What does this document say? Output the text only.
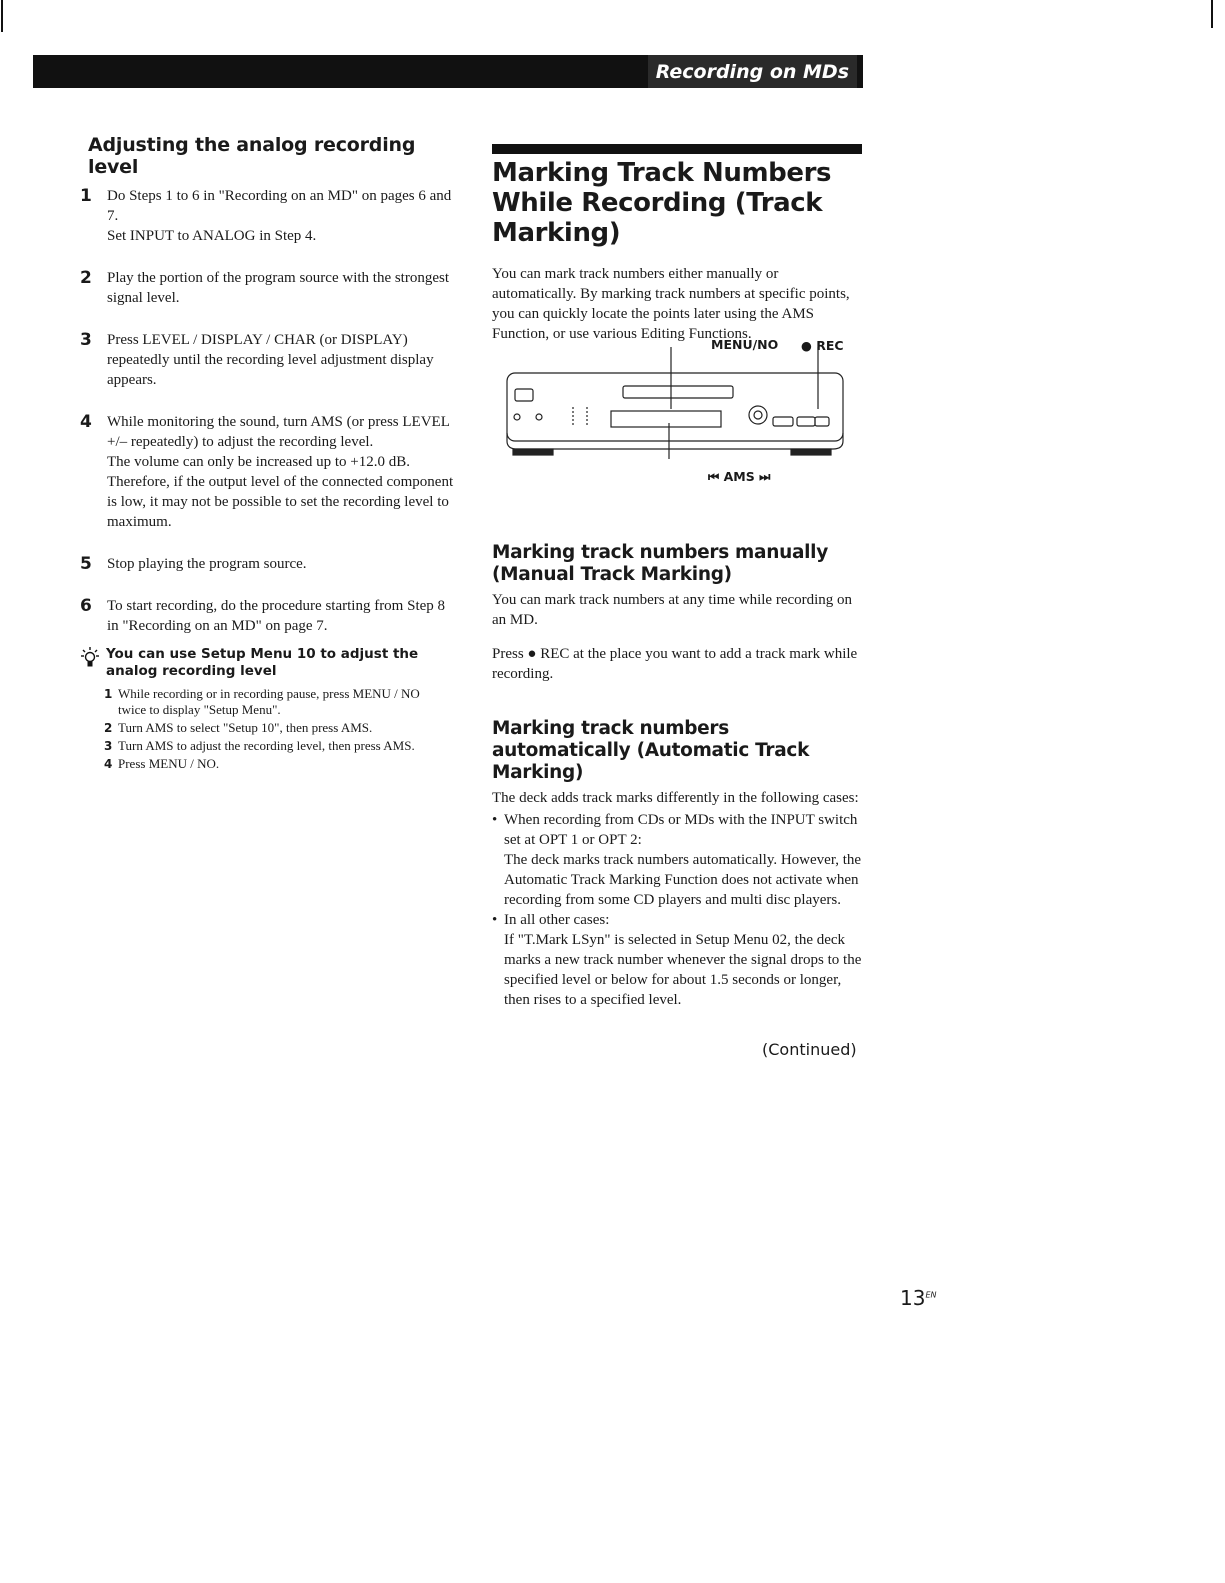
Recording on MDs
Adjusting the analog recording level
1	Do Steps 1 to 6 in "Recording on an MD" on pages 6 and 7.

Set INPUT to ANALOG in Step 4.

2	Play the portion of the program source with the strongest signal level.

3	Press LEVEL / DISPLAY / CHAR (or DISPLAY) repeatedly until the recording level adjustment display appears.

4	While monitoring the sound, turn AMS (or press LEVEL +/– repeatedly) to adjust the recording level.

The volume can only be increased up to +12.0 dB. Therefore, if the output level of the connected component is low, it may not be possible to set the recording level to maximum.

5	Stop playing the program source.

6	To start recording, do the procedure starting from Step 8 in "Recording on an MD" on page 7.

You can use Setup Menu 10 to adjust the analog recording level
1 While recording or in recording pause, press MENU / NO twice to display "Setup Menu".
2 Turn AMS to select "Setup 10", then press AMS.
3 Turn AMS to adjust the recording level, then press AMS.
4 Press MENU / NO.
Marking Track Numbers While Recording (Track Marking)

You can mark track numbers either manually or automatically. By marking track numbers at specific points, you can quickly locate the points later using the AMS Function, or use various Editing Functions.

Marking track numbers manually (Manual Track Marking)

You can mark track numbers at any time while recording on an MD.

Press ● REC at the place you want to add a track mark while recording.

Marking track numbers automatically (Automatic Track Marking)

The deck adds track marks differently in the following cases:

• When recording from CDs or MDs with the INPUT switch set at OPT 1 or OPT 2:

The deck marks track numbers automatically. However, the Automatic Track Marking Function does not activate when recording from some CD players and multi disc players.

• In all other cases:

If "T.Mark LSyn" is selected in Setup Menu 02, the deck marks a new track number whenever the signal drops to the specified level or below for about 1.5 seconds or longer, then rises to a specified level.

MENU/NO ● REC
⏮ AMS ⏭
(Continued)
$13^{EN}$
